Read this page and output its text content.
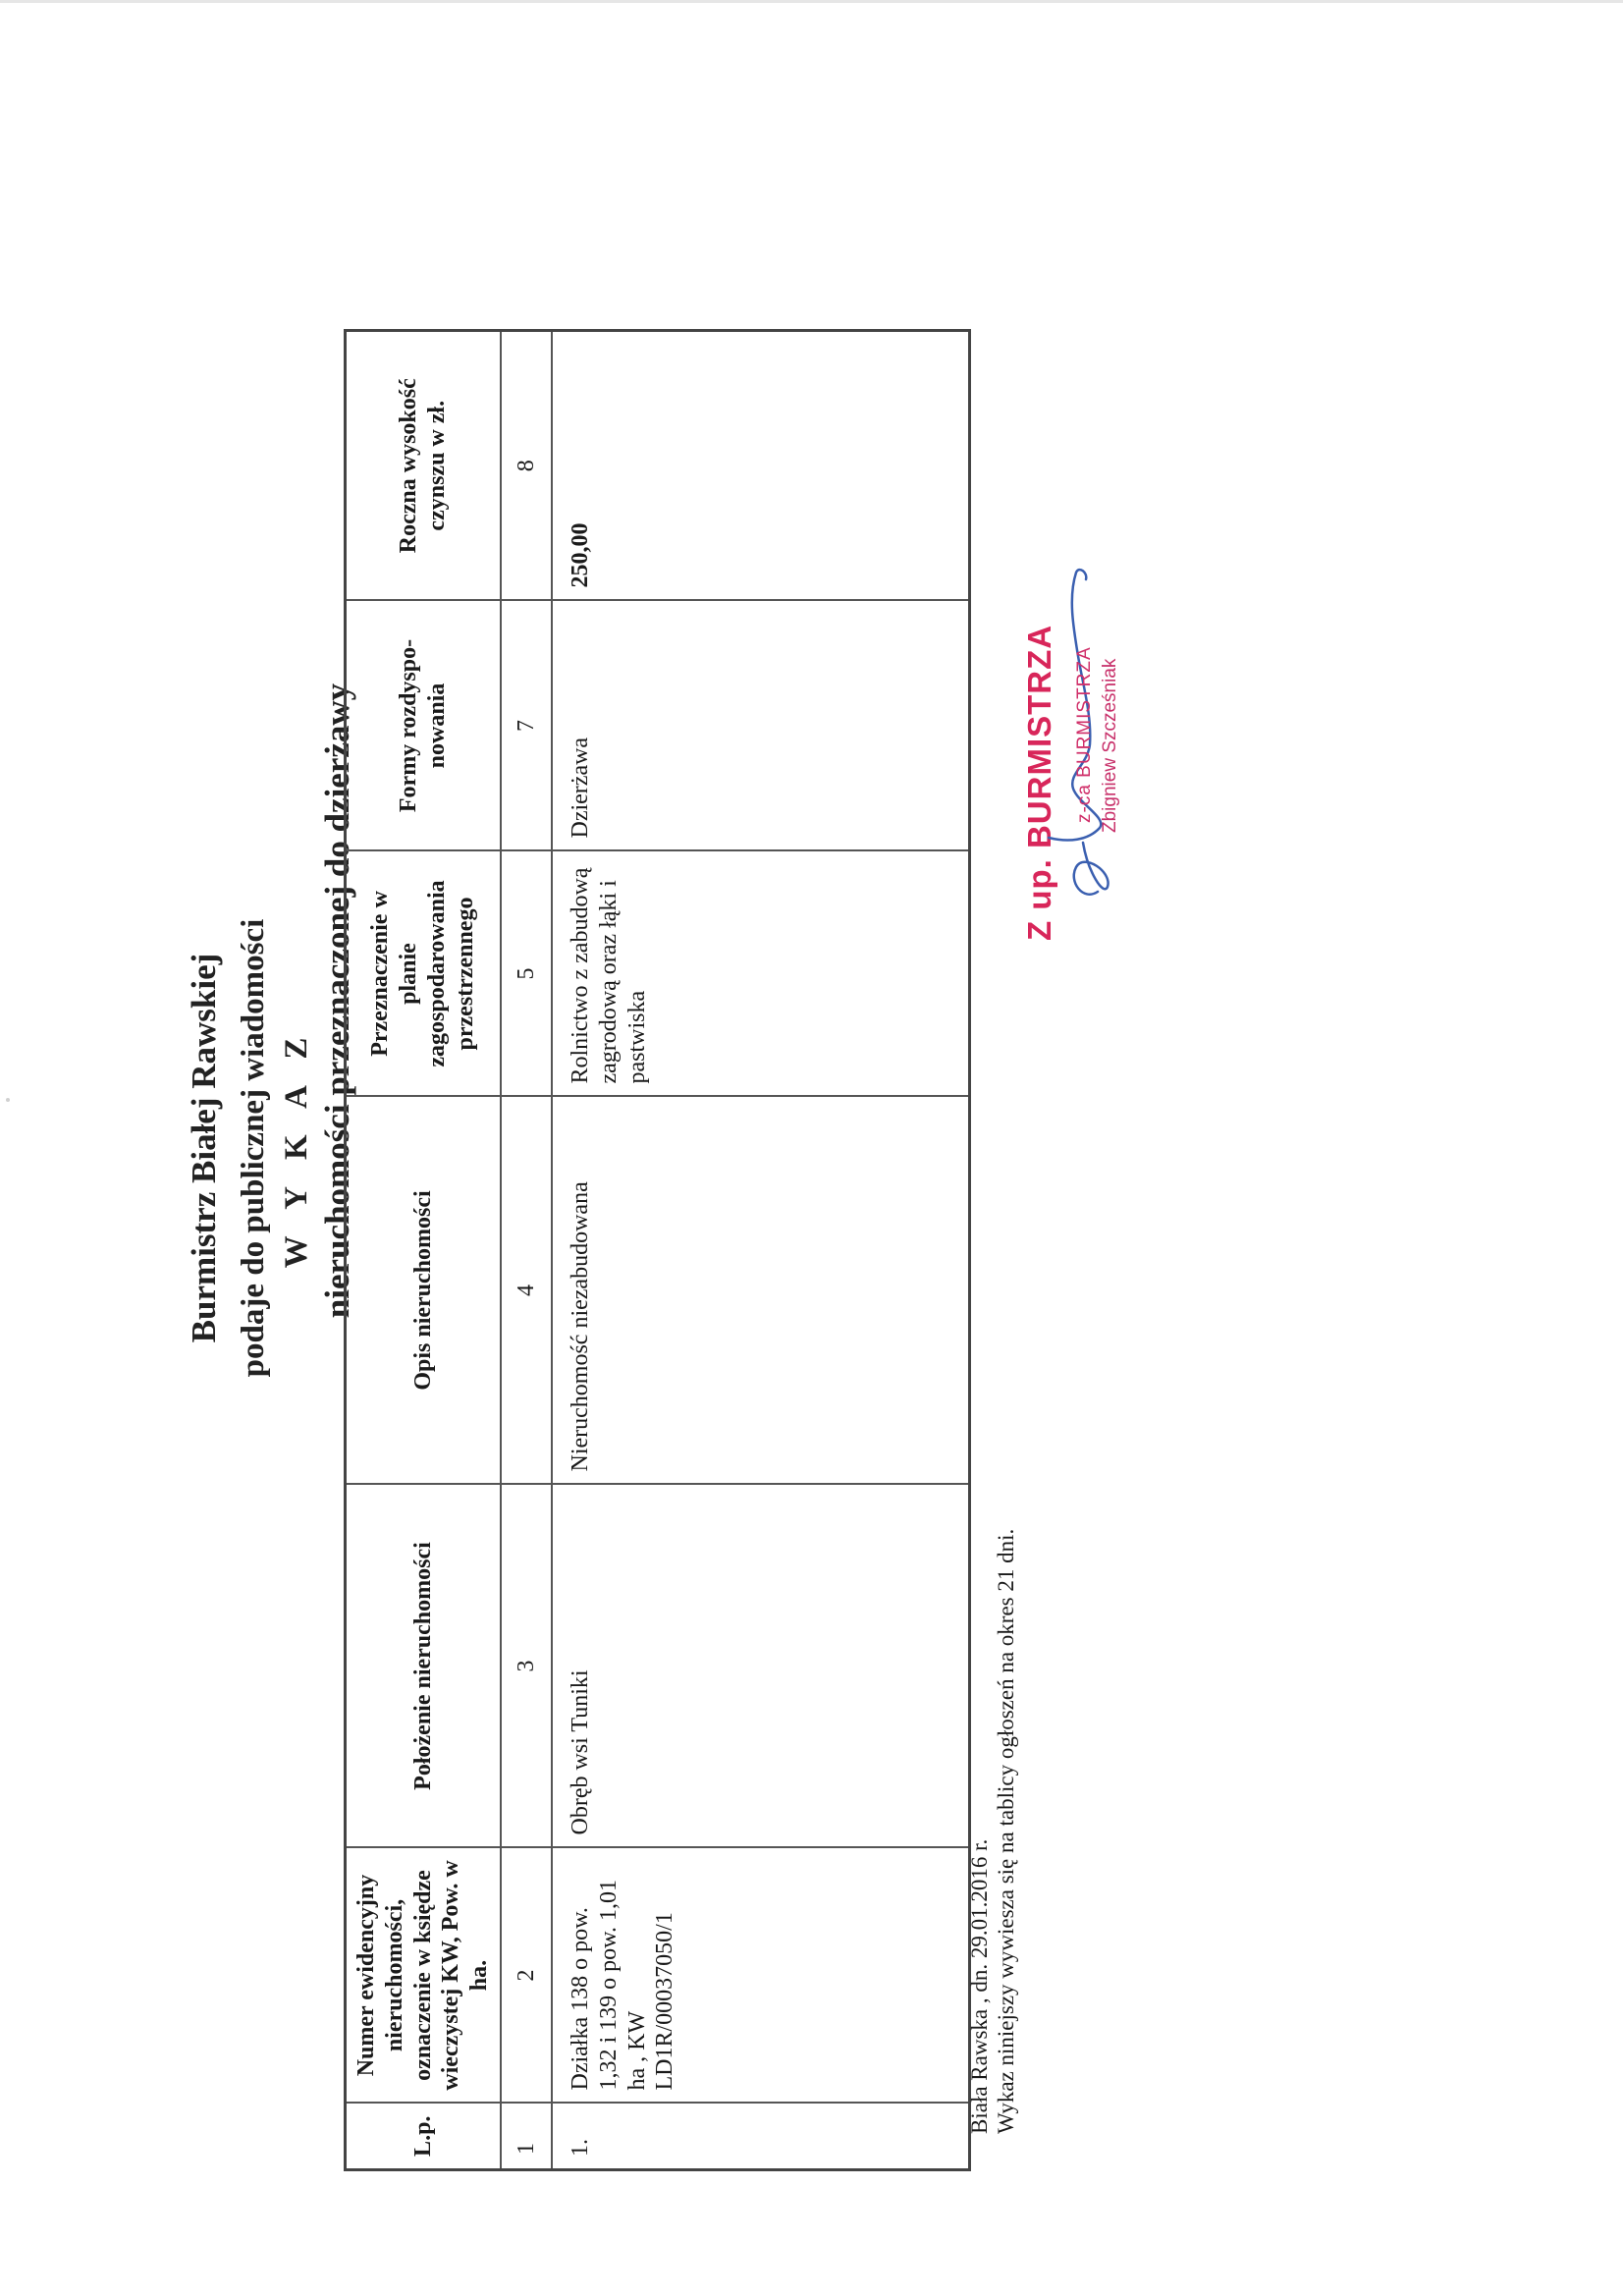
Burmistrz Białej Rawskiej podaje do publicznej wiadomości W Y K A Z nieruchomości przeznaczonej do dzierżawy
L.p.	Numer ewidencyjny nieruchomości, oznaczenie w księdze wieczystej KW, Pow. w ha.	Położenie nieruchomości	Opis nieruchomości	Przeznaczenie w planie zagospodarowania przestrzennego	Formy rozdyspo-nowania	Roczna wysokość czynszu w zł.
1	2	3	4	5	7	8
1.	Działka 138 o pow. 1,32 i 139 o pow. 1,01 ha , KW LD1R/00037050/1	Obręb wsi Tuniki	Nieruchomość niezabudowana	Rolnictwo z zabudową zagrodową oraz łąki i pastwiska	Dzierżawa	250,00
Biała Rawska , dn. 29.01.2016 r. Wykaz niniejszy wywiesza się na tablicy ogłoszeń na okres 21 dni.
Z up. BURMISTRZA z-ca BURMISTRZA Zbigniew Szcześniak
